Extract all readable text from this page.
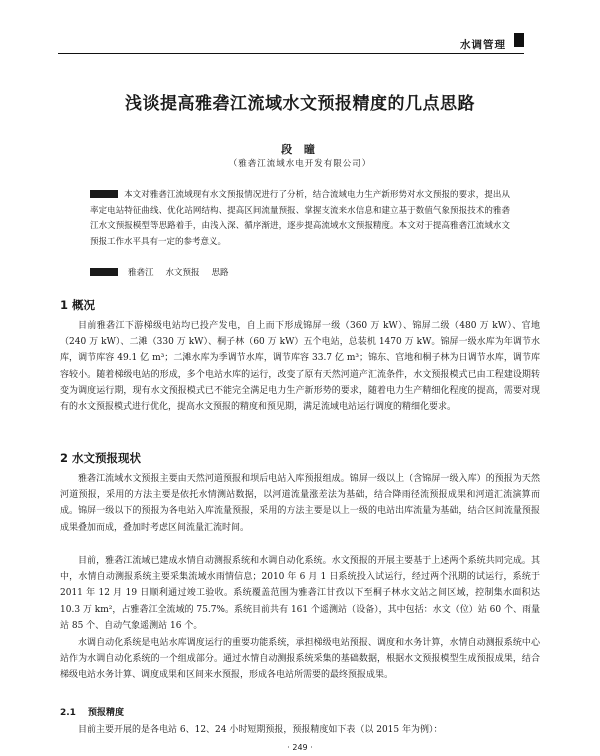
水调管理
浅谈提高雅砻江流域水文预报精度的几点思路
段 曈
（雅砻江流域水电开发有限公司）
本文对雅砻江流域现有水文预报情况进行了分析，结合流域电力生产新形势对水文预报的要求，提出从率定电站特征曲线、优化站网结构、提高区间流量预报、掌握支流来水信息和建立基于数值气象预报技术的雅砻江水文预报模型等思路着手，由浅入深、循序渐进，逐步提高流域水文预报精度。本文对于提高雅砻江流域水文预报工作水平具有一定的参考意义。
雅砻江 水文预报 思路
1 概况
目前雅砻江下游梯级电站均已投产发电，自上而下形成锦屏一级（360 万 kW）、锦屏二级（480 万 kW）、官地（240 万 kW）、二滩（330 万 kW）、桐子林（60 万 kW）五个电站，总装机 1470 万 kW。锦屏一级水库为年调节水库，调节库容 49.1 亿 m³；二滩水库为季调节水库，调节库容 33.7 亿 m³；锦东、官地和桐子林为日调节水库，调节库容较小。随着梯级电站的形成，多个电站水库的运行，改变了原有天然河道产汇流条件，水文预报模式已由工程建设期转变为调度运行期，现有水文预报模式已不能完全满足电力生产新形势的要求，随着电力生产精细化程度的提高，需要对现有的水文预报模式进行优化，提高水文预报的精度和预见期，满足流域电站运行调度的精细化要求。
2 水文预报现状
雅砻江流域水文预报主要由天然河道预报和坝后电站入库预报组成。锦屏一级以上（含锦屏一级入库）的预报为天然河道预报，采用的方法主要是依托水情测站数据，以河道流量涨差法为基础，结合降雨径流预报成果和河道汇流演算而成。锦屏一级以下的预报为各电站入库流量预报，采用的方法主要是以上一级的电站出库流量为基础，结合区间流量预报成果叠加而成，叠加时考虑区间流量汇流时间。
目前，雅砻江流域已建成水情自动测报系统和水调自动化系统。水文预报的开展主要基于上述两个系统共同完成。其中，水情自动测报系统主要采集流域水雨情信息；2010 年 6 月 1 日系统投入试运行，经过两个汛期的试运行，系统于 2011 年 12 月 19 日顺利通过竣工验收。系统覆盖范围为雅砻江甘孜以下至桐子林水文站之间区域，控制集水面积达 10.3 万 km²，占雅砻江全流域的 75.7%。系统目前共有 161 个遥测站（设备），其中包括：水文（位）站 60 个、雨量站 85 个、自动气象遥测站 16 个。
水调自动化系统是电站水库调度运行的重要功能系统，承担梯级电站预报、调度和水务计算，水情自动测报系统中心站作为水调自动化系统的一个组成部分。通过水情自动测报系统采集的基础数据，根据水文预报模型生成预报成果，结合梯级电站水务计算、调度成果和区间来水预报，形成各电站所需要的最终预报成果。
2.1 预报精度
目前主要开展的是各电站 6、12、24 小时短期预报，预报精度如下表（以 2015 年为例）：
· 249 ·
